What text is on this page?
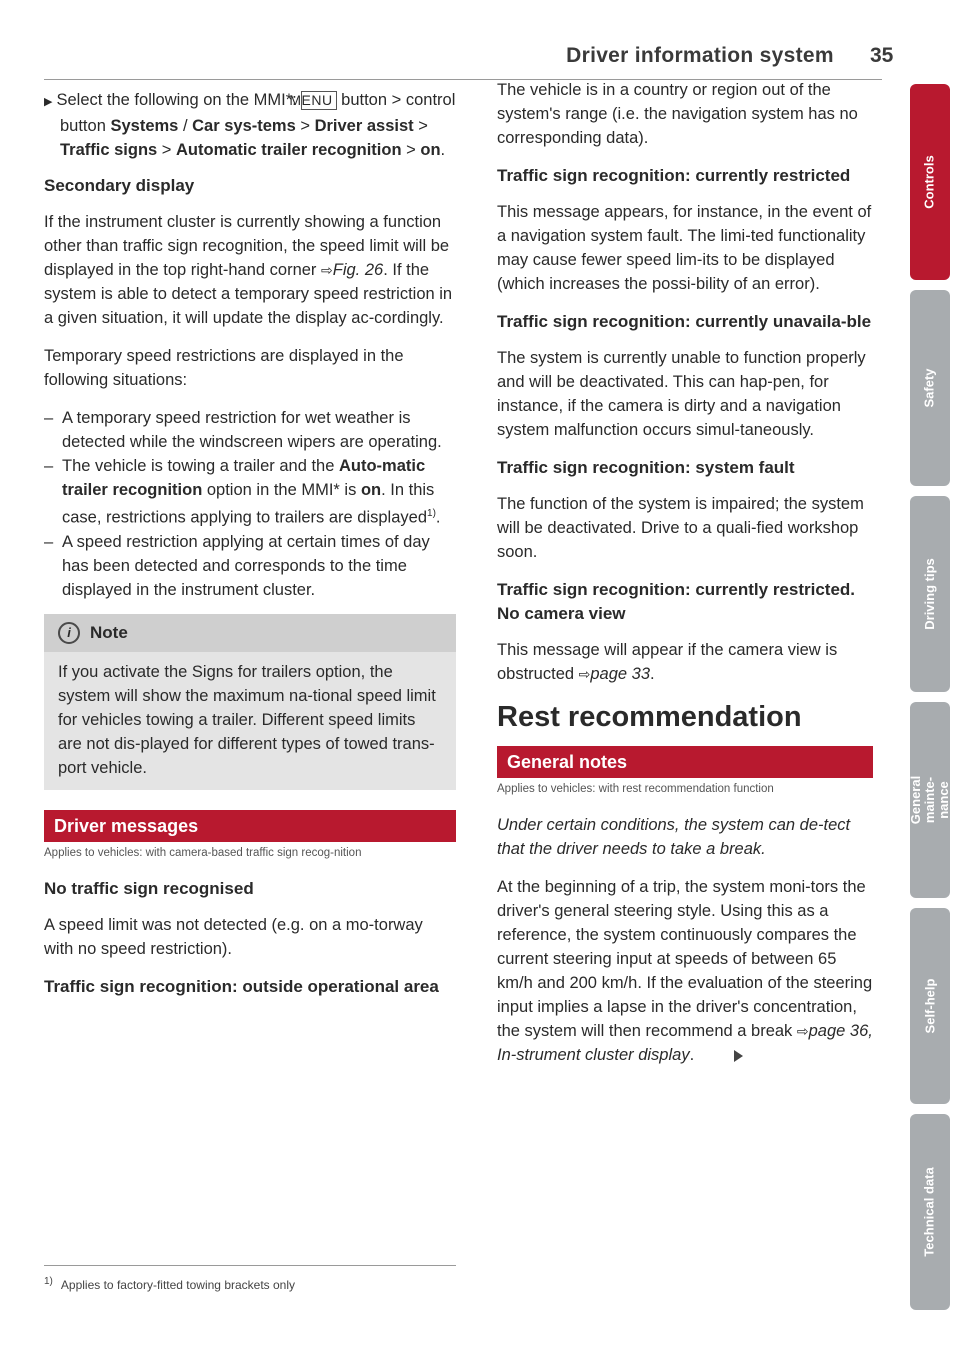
Driver information system 35

▶ Select the following on the MMI*: MENU button > control button Systems / Car sys-tems > Driver assist > Traffic signs > Automatic trailer recognition > on.

Secondary display

If the instrument cluster is currently showing a function other than traffic sign recognition, the speed limit will be displayed in the top right-hand corner ⇨Fig. 26. If the system is able to detect a temporary speed restriction in a given situation, it will update the display ac-cordingly.

Temporary speed restrictions are displayed in the following situations:

– A temporary speed restriction for wet weather is detected while the windscreen wipers are operating.
– The vehicle is towing a trailer and the Auto-matic trailer recognition option in the MMI* is on. In this case, restrictions applying to trailers are displayed$^{1)}$.
– A speed restriction applying at certain times of day has been detected and corresponds to the time displayed in the instrument cluster.
i	Note
If you activate the Signs for trailers option, the system will show the maximum na-tional speed limit for vehicles towing a trailer. Different speed limits are not dis-played for different types of towed trans-port vehicle.
Driver messages
Applies to vehicles: with camera-based traffic sign recog-nition
No traffic sign recognised

A speed limit was not detected (e.g. on a mo-torway with no speed restriction).

Traffic sign recognition: outside operational area
$^{1)}$ Applies to factory-fitted towing brackets only

The vehicle is in a country or region out of the system's range (i.e. the navigation system has no corresponding data).

Traffic sign recognition: currently restricted

This message appears, for instance, in the event of a navigation system fault. The limi-ted functionality may cause fewer speed lim-its to be displayed (which increases the possi-bility of an error).

Traffic sign recognition: currently unavaila-ble

The system is currently unable to function properly and will be deactivated. This can hap-pen, for instance, if the camera is dirty and a navigation system malfunction occurs simul-taneously.

Traffic sign recognition: system fault

The function of the system is impaired; the system will be deactivated. Drive to a quali-fied workshop soon.

Traffic sign recognition: currently restricted. No camera view

This message will appear if the camera view is obstructed ⇨page 33.

Rest recommendation
General notes
Applies to vehicles: with rest recommendation function

Under certain conditions, the system can de-tect that the driver needs to take a break.

At the beginning of a trip, the system moni-tors the driver's general steering style. Using this as a reference, the system continuously compares the current steering input at speeds of between 65 km/h and 200 km/h. If the evaluation of the steering input implies a lapse in the driver's concentration, the system will then recommend a break ⇨page 36, In-strument cluster display.

Controls
Safety
Driving tips
General mainte-nance
Self-help
Technical data
